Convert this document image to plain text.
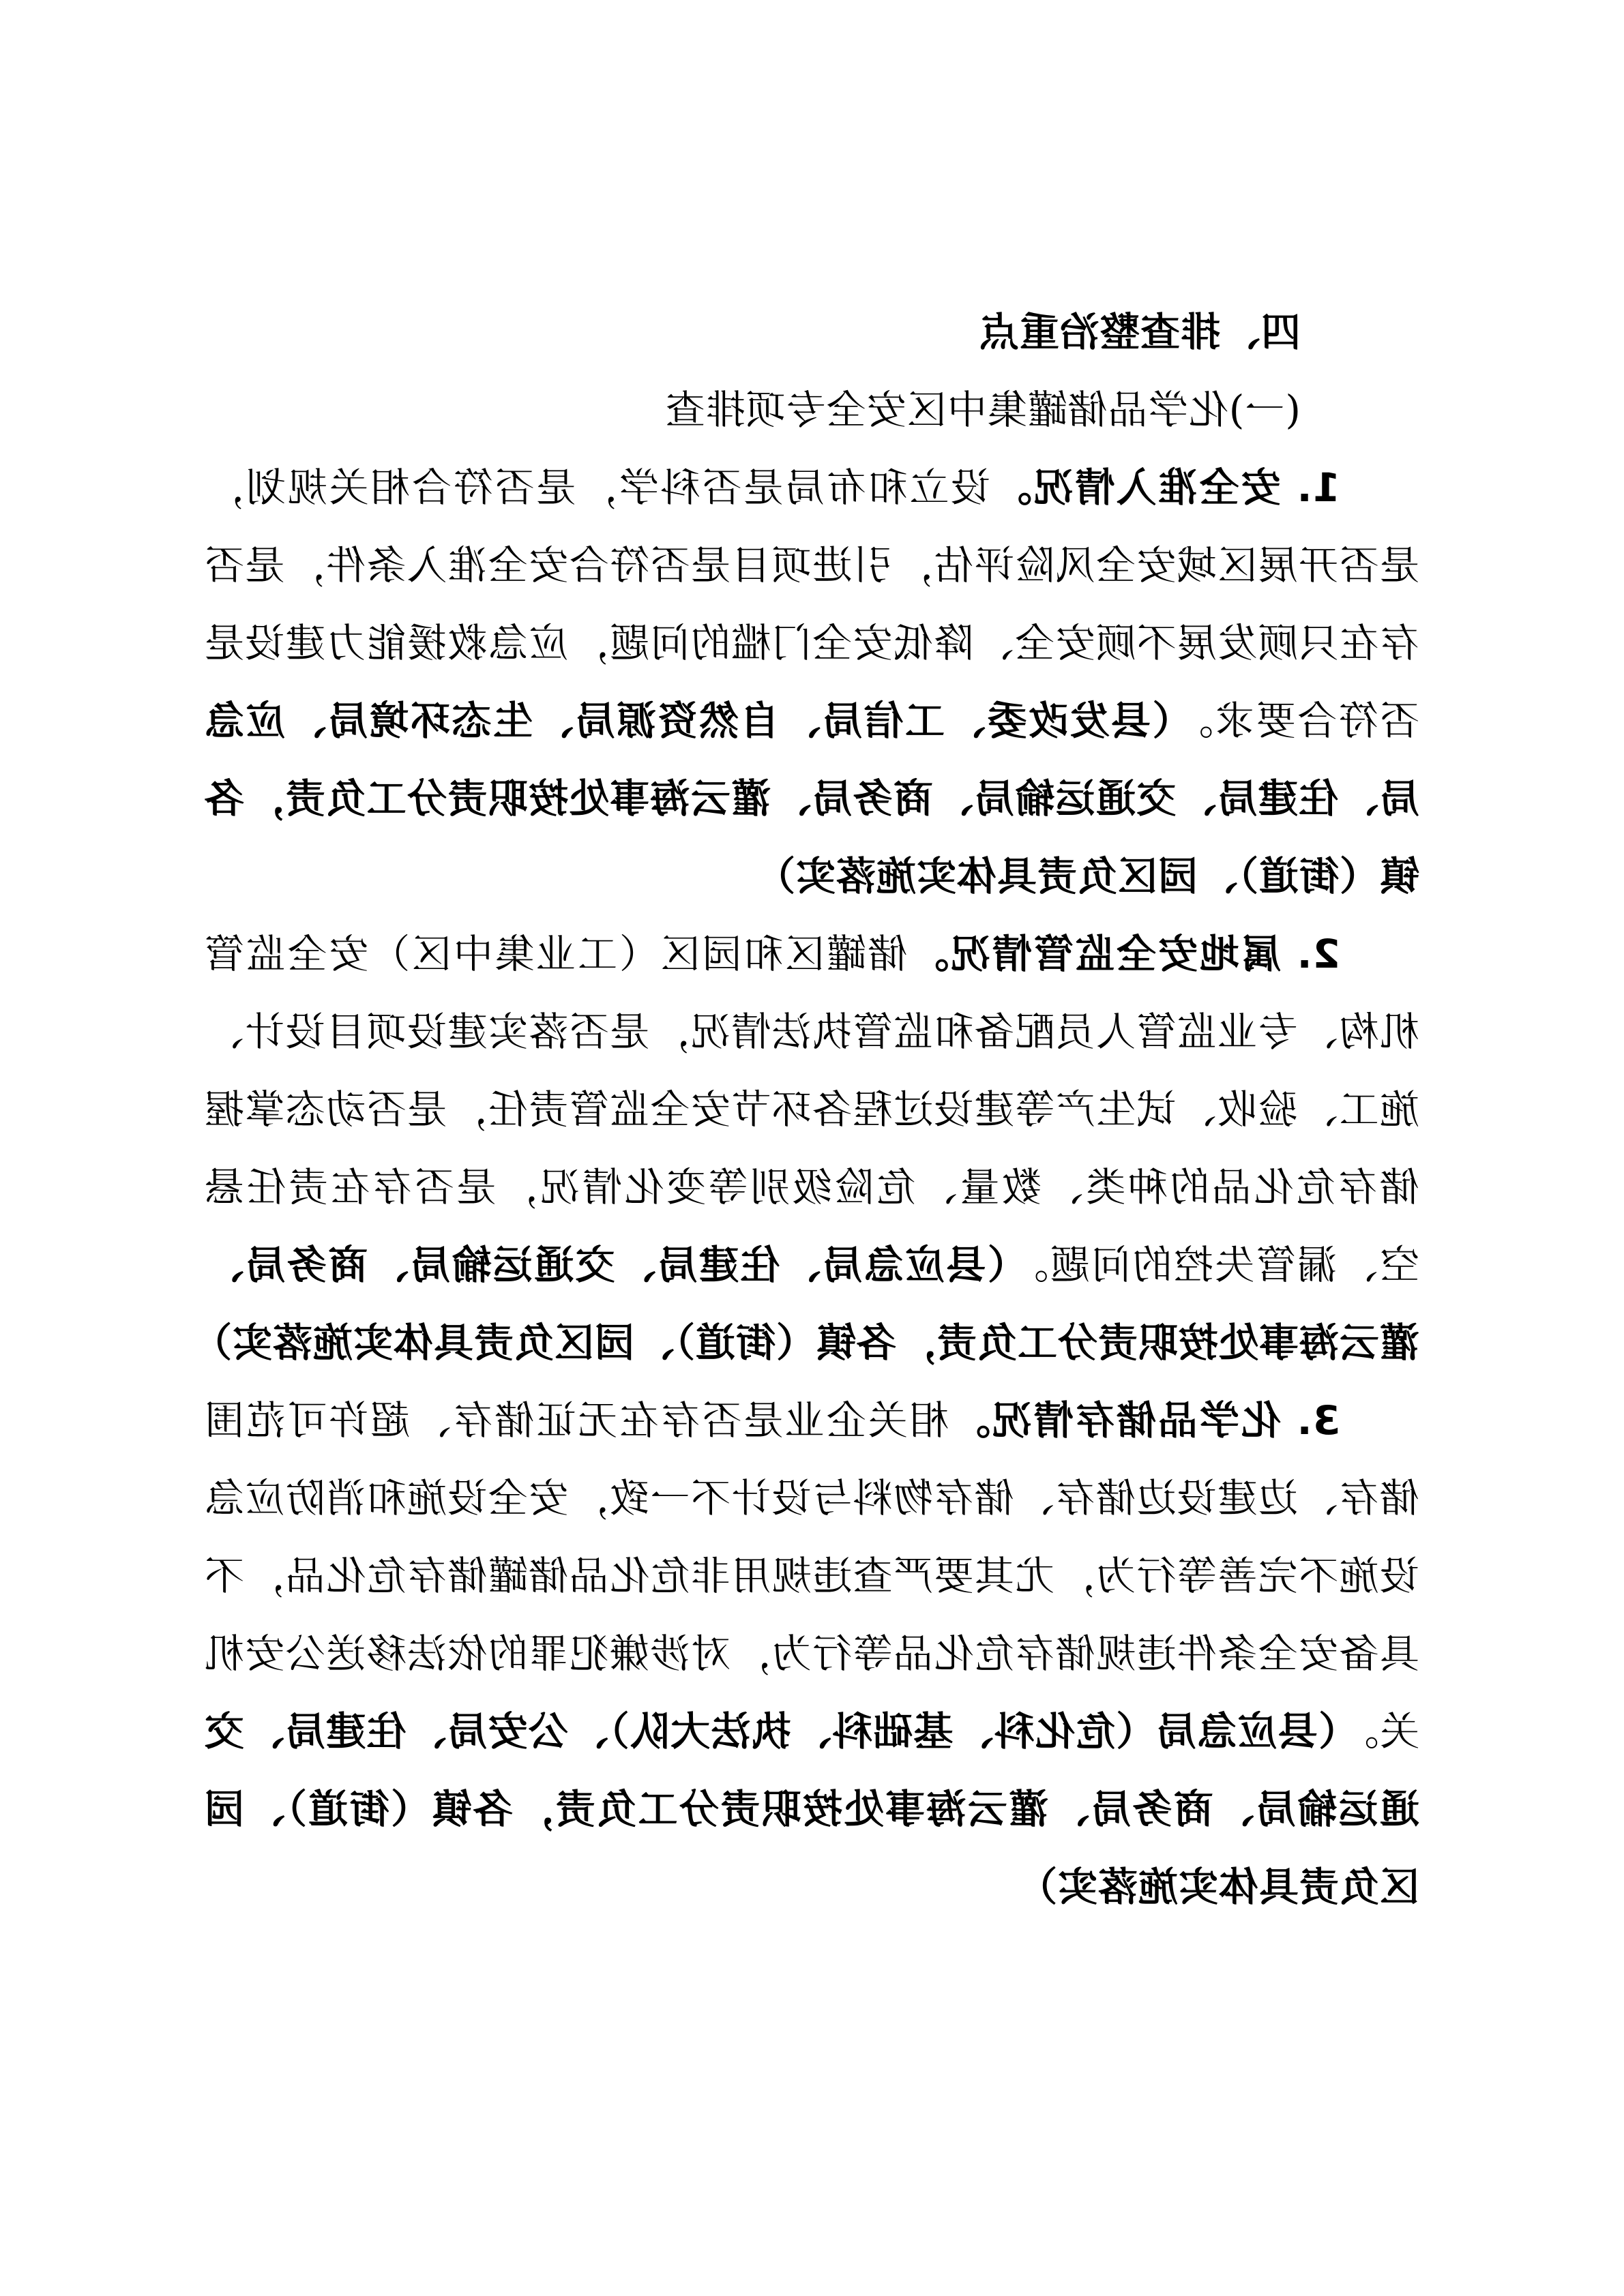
四、排查整治重点

(一)化学品储罐集中区安全专项排查

1. 安全准入情况。设立和布局是否科学，是否符合相关规划，是否开展区域安全风险评估，引进项目是否符合安全准入条件，是否存在只顾发展不顾安全、降低安全门槛的问题，应急救援能力建设是否符合要求。（县发改委、工信局、自然资源局、生态环境局、应急局、住建局、交通运输局、商务局、灌云海事处按职责分工负责，各镇（街道）、园区负责具体实施落实）

2. 属地安全监管情况。储罐区和园区（工业集中区）安全监管机构、专业监管人员配备和监管执法情况，是否落实建设项目设计、施工、验收、试生产等建设过程各环节安全监管责任，是否动态掌握储存危化品的种类、数量、危险级别等变化情况，是否存在责任悬空、漏管失控的问题。（县应急局、住建局、交通运输局、商务局、灌云海事处按职责分工负责，各镇（街道）、园区负责具体实施落实）

3. 化学品储存情况。相关企业是否存在无证储存、超许可范围储存、边建设边储存、储存物料与设计不一致，安全设施和消防应急设施不完善等行为，尤其要严查违规用非危化品储罐储存危化品，不具备安全条件违规储存危化品等行为，对涉嫌犯罪的依法移送公安机关。（县应急局（危化科、基础科、执法大队）、公安局、住建局、交通运输局、商务局、灌云海事处按职责分工负责，各镇（街道）、园区负责具体实施落实）
